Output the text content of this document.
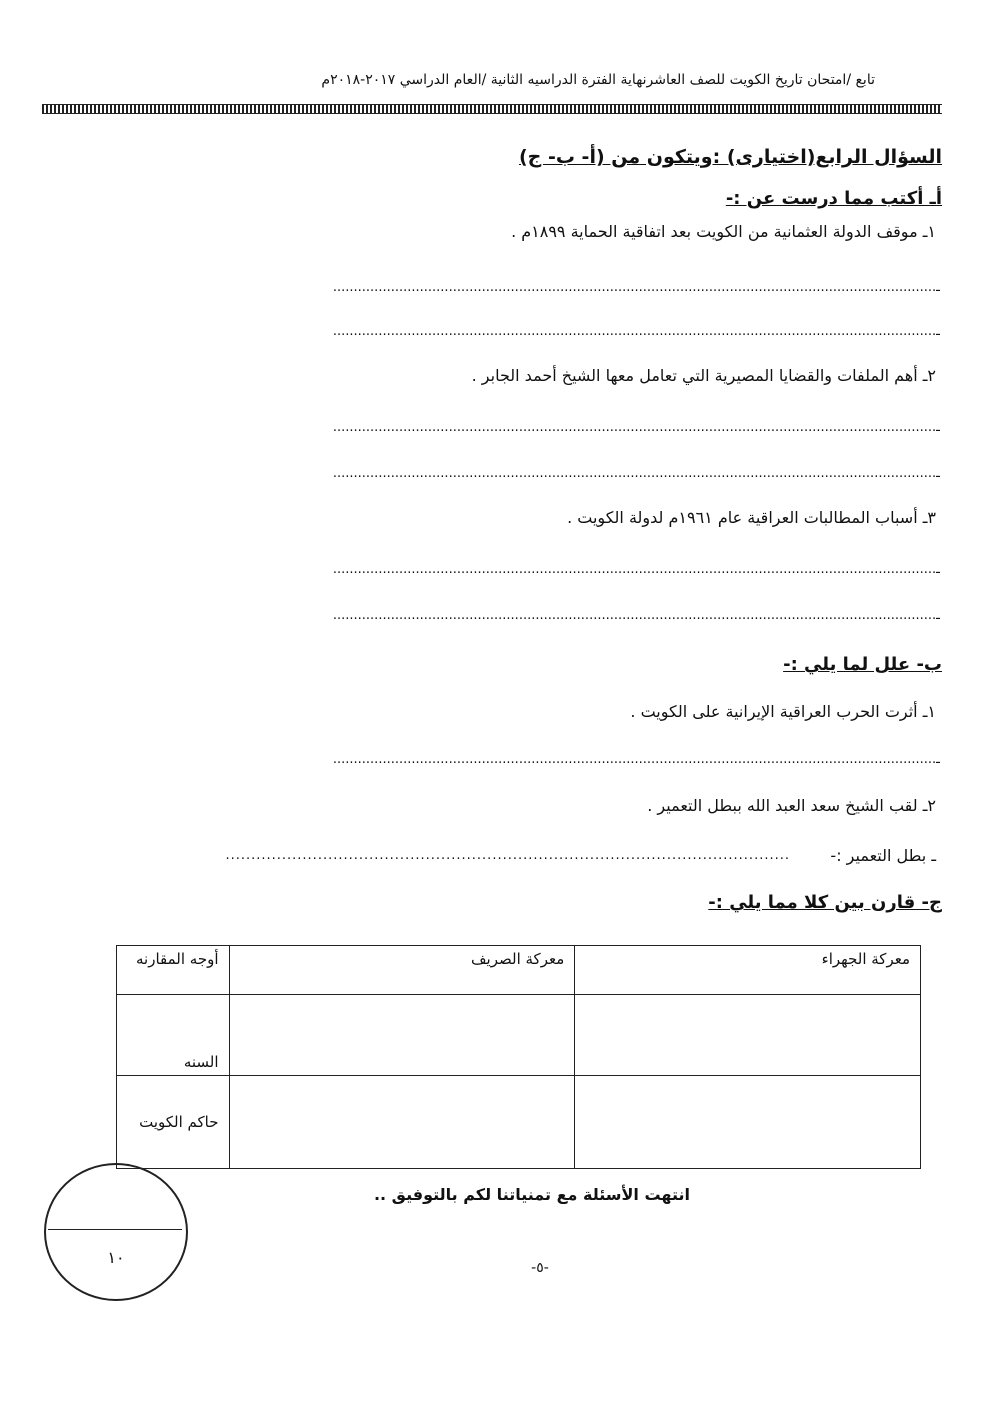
تابع /امتحان تاريخ الكويت للصف العاشرنهاية الفترة الدراسيه الثانية /العام الدراسي ٢٠١٧-٢٠١٨م
السؤال الرابع(اختيارى) :ويتكون من (أ- ب- ج)
أـ أكتب مما درست عن :-
١ـ موقف الدولة العثمانية من الكويت بعد اتفاقية الحماية ١٨٩٩م .
ـ..................................................................................................................................................
ـ..................................................................................................................................................
٢ـ أهم الملفات والقضايا المصيرية التي تعامل معها الشيخ أحمد الجابر .
ـ..................................................................................................................................................
ـ..................................................................................................................................................
٣ـ أسباب المطالبات العراقية عام ١٩٦١م لدولة الكويت .
ـ..................................................................................................................................................
ـ..................................................................................................................................................
ب- علل لما يلي :-
١ـ أثرت الحرب العراقية الإيرانية على الكويت .
ـ..................................................................................................................................................
٢ـ لقب الشيخ سعد العبد الله ببطل التعمير .
ـ بطل التعمير :-
..............................................................................................................
ج- قارن بين كلا مما يلي :-
أوجه المقارنه	معركة الصريف	معركة الجهراء
السنه		
حاكم الكويت		
انتهت الأسئلة مع تمنياتنا لكم بالتوفيق ..
١٠
-٥-
